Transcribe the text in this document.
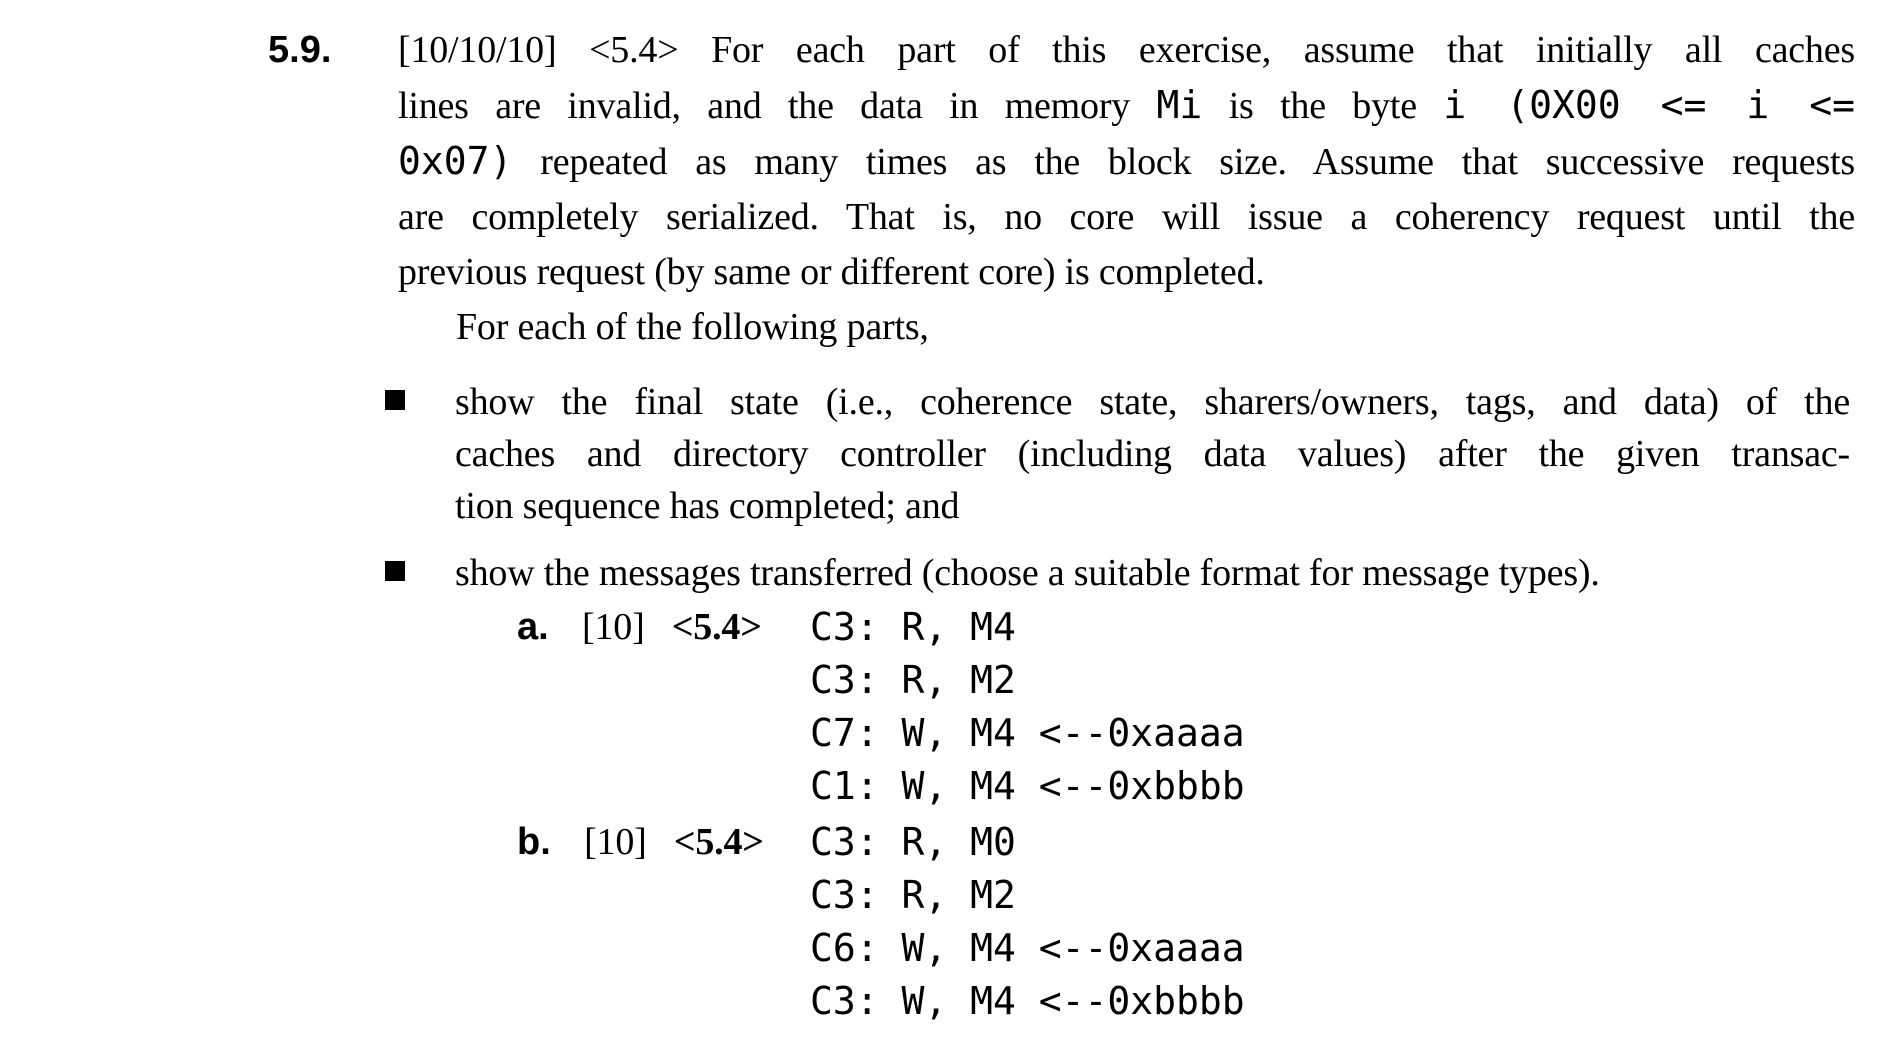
5.9.	[10/10/10] <5.4> For each part of this exercise, assume that initially all caches
lines are invalid, and the data in memory Mi is the byte i (0X00 <= i <=
0x07) repeated as many times as the block size. Assume that successive requests
are completely serialized. That is, no core will issue a coherency request until the
previous request (by same or different core) is completed.
For each of the following parts,
show the final state (i.e., coherence state, sharers/owners, tags, and data) of the
caches and directory controller (including data values) after the given transac-
tion sequence has completed; and
show the messages transferred (choose a suitable format for message types).
a. [10] <5.4>	C3: R, M4
C3: R, M2
C7: W, M4 <--0xaaaa
C1: W, M4 <--0xbbbb
b. [10] <5.4>	C3: R, M0
C3: R, M2
C6: W, M4 <--0xaaaa
C3: W, M4 <--0xbbbb
